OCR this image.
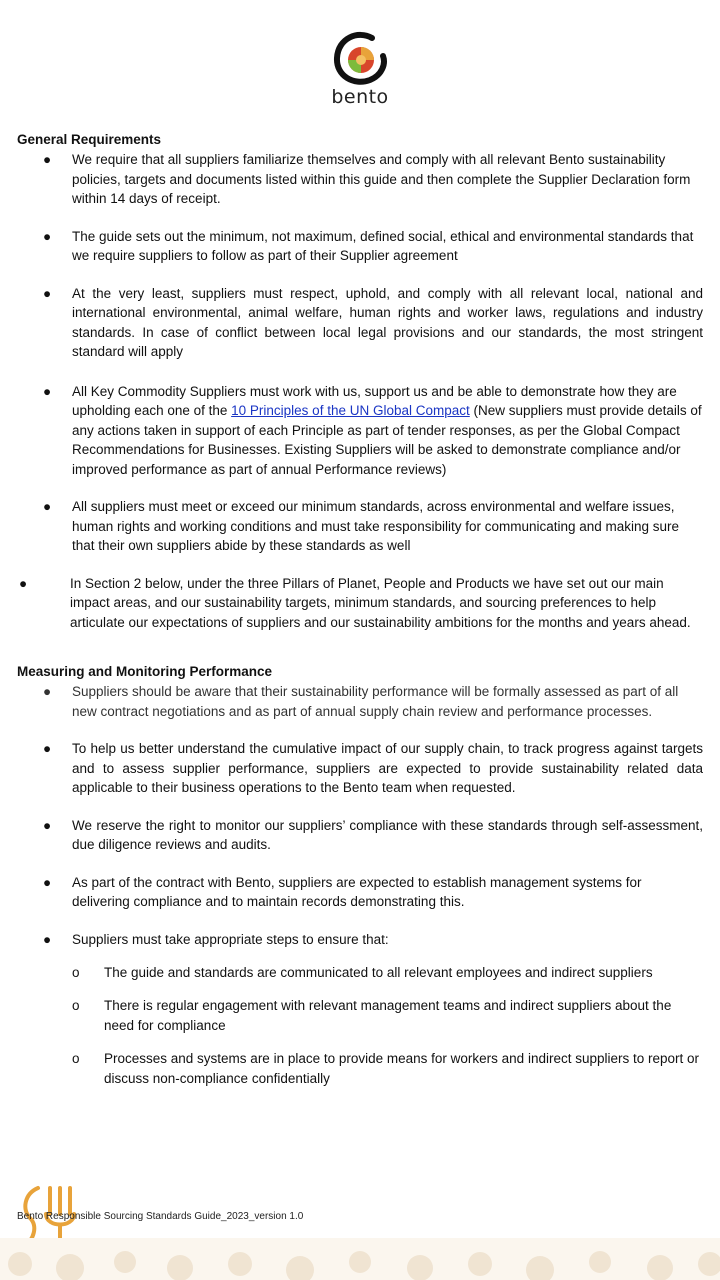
bento
General Requirements
● We require that all suppliers familiarize themselves and comply with all relevant Bento sustainability policies, targets and documents listed within this guide and then complete the Supplier Declaration form within 14 days of receipt.
● The guide sets out the minimum, not maximum, defined social, ethical and environmental standards that we require suppliers to follow as part of their Supplier agreement
● At the very least, suppliers must respect, uphold, and comply with all relevant local, national and international environmental, animal welfare, human rights and worker laws, regulations and industry standards. In case of conflict between local legal provisions and our standards, the most stringent standard will apply
● All Key Commodity Suppliers must work with us, support us and be able to demonstrate how they are upholding each one of the 10 Principles of the UN Global Compact (New suppliers must provide details of any actions taken in support of each Principle as part of tender responses, as per the Global Compact Recommendations for Businesses. Existing Suppliers will be asked to demonstrate compliance and/or improved performance as part of annual Performance reviews)
● All suppliers must meet or exceed our minimum standards, across environmental and welfare issues, human rights and working conditions and must take responsibility for communicating and making sure that their own suppliers abide by these standards as well
●	In Section 2 below, under the three Pillars of Planet, People and Products we have set out our main impact areas, and our sustainability targets, minimum standards, and sourcing preferences to help articulate our expectations of suppliers and our sustainability ambitions for the months and years ahead.
Measuring and Monitoring Performance
● Suppliers should be aware that their sustainability performance will be formally assessed as part of all new contract negotiations and as part of annual supply chain review and performance processes.
● To help us better understand the cumulative impact of our supply chain, to track progress against targets and to assess supplier performance, suppliers are expected to provide sustainability related data applicable to their business operations to the Bento team when requested.
● We reserve the right to monitor our suppliers’ compliance with these standards through self-assessment, due diligence reviews and audits.
● As part of the contract with Bento, suppliers are expected to establish management systems for delivering compliance and to maintain records demonstrating this.
● Suppliers must take appropriate steps to ensure that:
o The guide and standards are communicated to all relevant employees and indirect suppliers
o There is regular engagement with relevant management teams and indirect suppliers about the need for compliance
o Processes and systems are in place to provide means for workers and indirect suppliers to report or discuss non-compliance confidentially
Bento Responsible Sourcing Standards Guide_2023_version 1.0
